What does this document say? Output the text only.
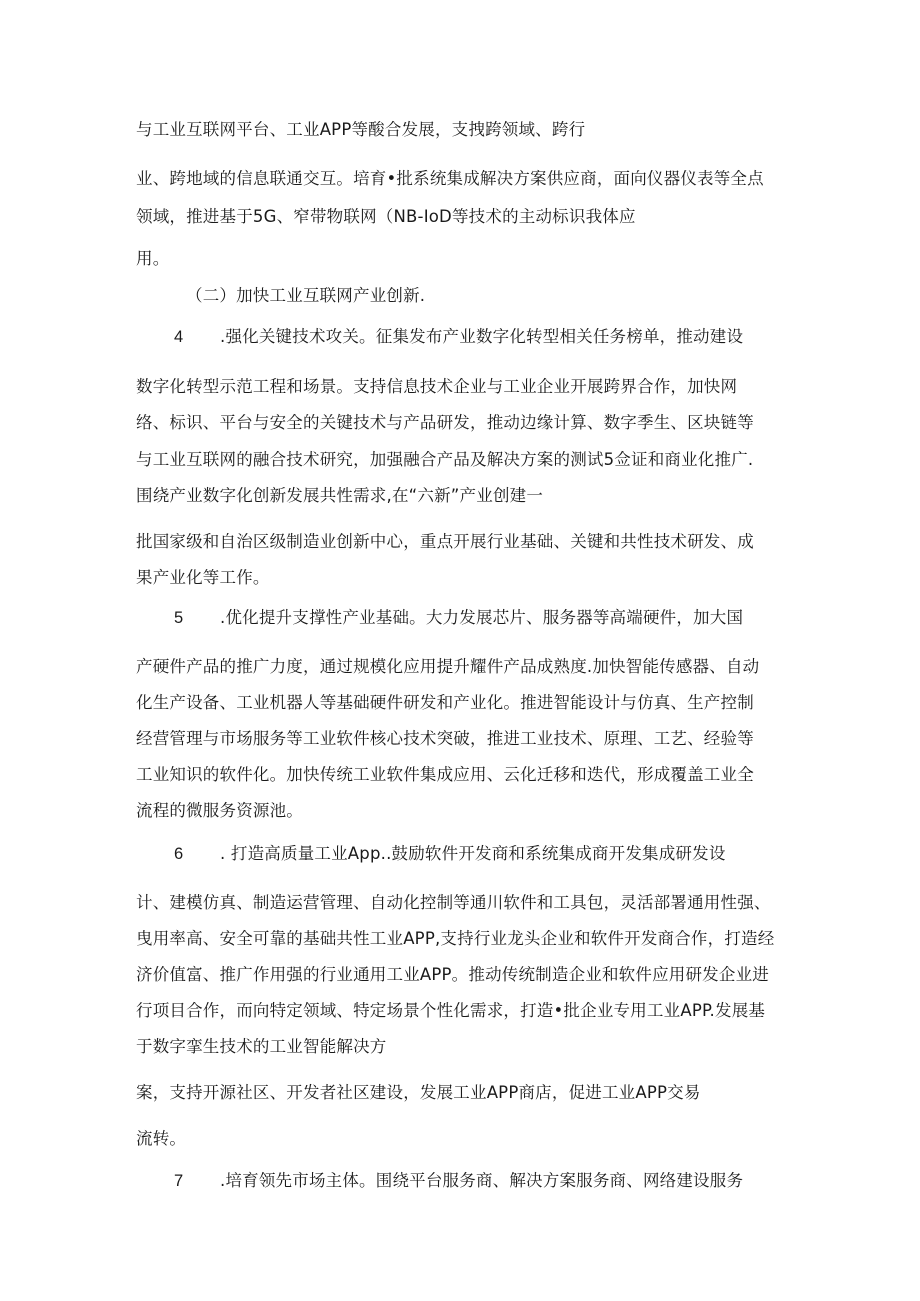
与工业互联网平台、工业APP等酸合发展，支拽跨领域、跨行
业、跨地域的信息联通交互。培育•批系统集成解决方案供应商，面向仪器仪表等全点
领域，推进基于5G、窄带物联网（NB-IoD等技术的主动标识我体应
用。
（二）加快工业互联网产业创新.
4 .强化关键技术攻关。征集发布产业数字化转型相关任务榜单，推动建设
数字化转型示范工程和场景。支持信息技术企业与工业企业开展跨界合作，加快网
络、标识、平台与安全的关键技术与产品研发，推动边缘计算、数字季生、区块链等
与工业互联网的融合技术研究，加强融合产品及解决方案的测试5佥证和商业化推广.
围绕产业数字化创新发展共性需求,在“六新”产业创建一
批国家级和自治区级制造业创新中心，重点开展行业基础、关键和共性技术研发、成
果产业化等工作。
5 .优化提升支撑性产业基础。大力发展芯片、服务器等高端硬件，加大国
产硬件产品的推广力度，通过规模化应用提升耀件产品成熟度.加快智能传感器、自动
化生产设备、工业机器人等基础硬件研发和产业化。推进智能设计与仿真、生产控制
经营管理与市场服务等工业软件核心技术突破，推进工业技术、原理、工艺、经验等
工业知识的软件化。加快传统工业软件集成应用、云化迁移和迭代，形成覆盖工业全
流程的微服务资源池。
6 . 打造高质量工业App..鼓励软件开发商和系统集成商开发集成研发设
计、建模仿真、制造运营管理、自动化控制等通川软件和工具包，灵活部署通用性强、
曳用率高、安全可靠的基础共性工业APP,支持行业龙头企业和软件开发商合作，打造经
济价值富、推广作用强的行业通用工业APP。推动传统制造企业和软件应用研发企业进
行项目合作，而向特定领域、特定场景个性化需求，打造•批企业专用工业APP.发展基
于数字挛生技术的工业智能解决方
案，支持开源社区、开发者社区建设，发展工业APP商店，促进工业APP交易
流转。
7 .培育领先市场主体。围绕平台服务商、解决方案服务商、网络建设服务
